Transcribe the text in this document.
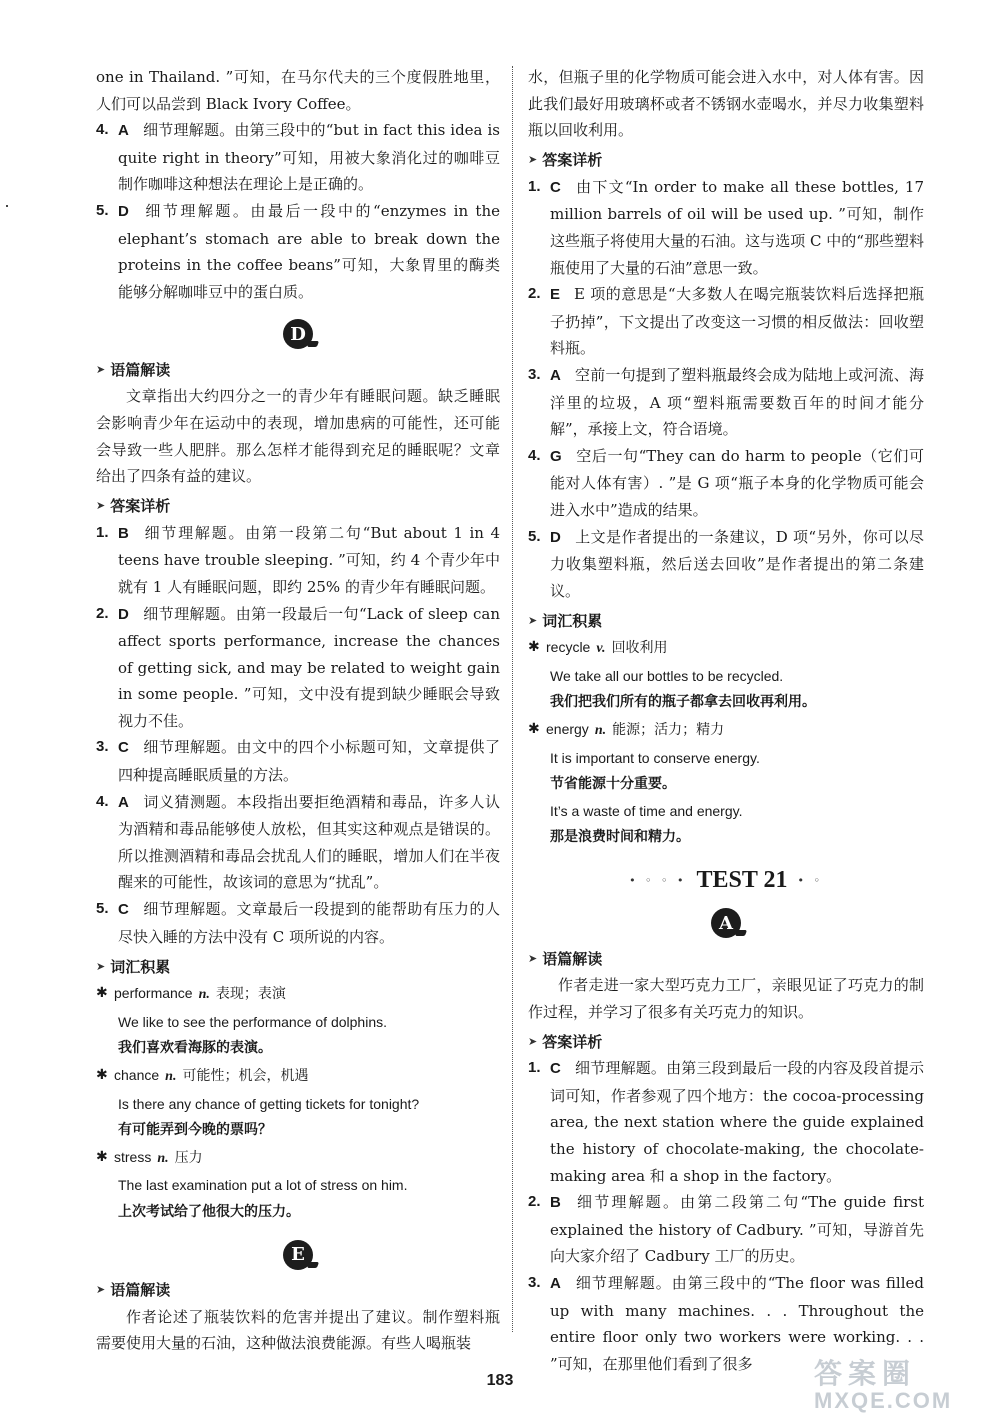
one in Thailand. ”可知，在马尔代夫的三个度假胜地里，人们可以品尝到 Black Ivory Coffee。

4. A 细节理解题。由第三段中的“but in fact this idea is quite right in theory”可知，用被大象消化过的咖啡豆制作咖啡这种想法在理论上是正确的。

5. D 细节理解题。由最后一段中的“enzymes in the elephant’s stomach are able to break down the proteins in the coffee beans”可知，大象胃里的酶类能够分解咖啡豆中的蛋白质。

D
➤ 语篇解读

文章指出大约四分之一的青少年有睡眠问题。缺乏睡眠会影响青少年在运动中的表现，增加患病的可能性，还可能会导致一些人肥胖。那么怎样才能得到充足的睡眠呢？文章给出了四条有益的建议。

➤ 答案详析

1. B 细节理解题。由第一段第二句“But about 1 in 4 teens have trouble sleeping. ”可知，约 4 个青少年中就有 1 人有睡眠问题，即约 25% 的青少年有睡眠问题。

2. D 细节理解题。由第一段最后一句“Lack of sleep can affect sports performance, increase the chances of getting sick, and may be related to weight gain in some people. ”可知，文中没有提到缺少睡眠会导致视力不佳。

3. C 细节理解题。由文中的四个小标题可知，文章提供了四种提高睡眠质量的方法。

4. A 词义猜测题。本段指出要拒绝酒精和毒品，许多人认为酒精和毒品能够使人放松，但其实这种观点是错误的。所以推测酒精和毒品会扰乱人们的睡眠，增加人们在半夜醒来的可能性，故该词的意思为“扰乱”。

5. C 细节理解题。文章最后一段提到的能帮助有压力的人尽快入睡的方法中没有 C 项所说的内容。

➤ 词汇积累
✱ performance n. 表现；表演
We like to see the performance of dolphins.
我们喜欢看海豚的表演。
✱ chance n. 可能性；机会，机遇
Is there any chance of getting tickets for tonight?
有可能弄到今晚的票吗？
✱ stress n. 压力
The last examination put a lot of stress on him.
上次考试给了他很大的压力。
E
➤ 语篇解读

作者论述了瓶装饮料的危害并提出了建议。制作塑料瓶需要使用大量的石油，这种做法浪费能源。有些人喝瓶装

水，但瓶子里的化学物质可能会进入水中，对人体有害。因此我们最好用玻璃杯或者不锈钢水壶喝水，并尽力收集塑料瓶以回收利用。

➤ 答案详析

1. C 由下文“In order to make all these bottles, 17 million barrels of oil will be used up. ”可知，制作这些瓶子将使用大量的石油。这与选项 C 中的“那些塑料瓶使用了大量的石油”意思一致。

2. E E 项的意思是“大多数人在喝完瓶装饮料后选择把瓶子扔掉”，下文提出了改变这一习惯的相反做法：回收塑料瓶。

3. A 空前一句提到了塑料瓶最终会成为陆地上或河流、海洋里的垃圾，A 项“塑料瓶需要数百年的时间才能分解”，承接上文，符合语境。

4. G 空后一句“They can do harm to people（它们可能对人体有害）. ”是 G 项“瓶子本身的化学物质可能会进入水中”造成的结果。

5. D 上文是作者提出的一条建议，D 项“另外，你可以尽力收集塑料瓶，然后送去回收”是作者提出的第二条建议。

➤ 词汇积累
✱ recycle v. 回收利用
We take all our bottles to be recycled.
我们把我们所有的瓶子都拿去回收再利用。
✱ energy n. 能源；活力；精力
It is important to conserve energy.
节省能源十分重要。
It’s a waste of time and energy.
那是浪费时间和精力。
• ◦ ◦ • TEST 21 • ◦
A
➤ 语篇解读

作者走进一家大型巧克力工厂，亲眼见证了巧克力的制作过程，并学习了很多有关巧克力的知识。

➤ 答案详析

1. C 细节理解题。由第三段到最后一段的内容及段首提示词可知，作者参观了四个地方：the cocoa-processing area, the next station where the guide explained the history of chocolate-making, the chocolate-making area 和 a shop in the factory。

2. B 细节理解题。由第二段第二句“The guide first explained the history of Cadbury. ”可知，导游首先向大家介绍了 Cadbury 工厂的历史。

3. A 细节理解题。由第三段中的“The floor was filled up with many machines. . . Throughout the entire floor only two workers were working. . . ”可知，在那里他们看到了很多

183	答案圈
MXQE.COM
